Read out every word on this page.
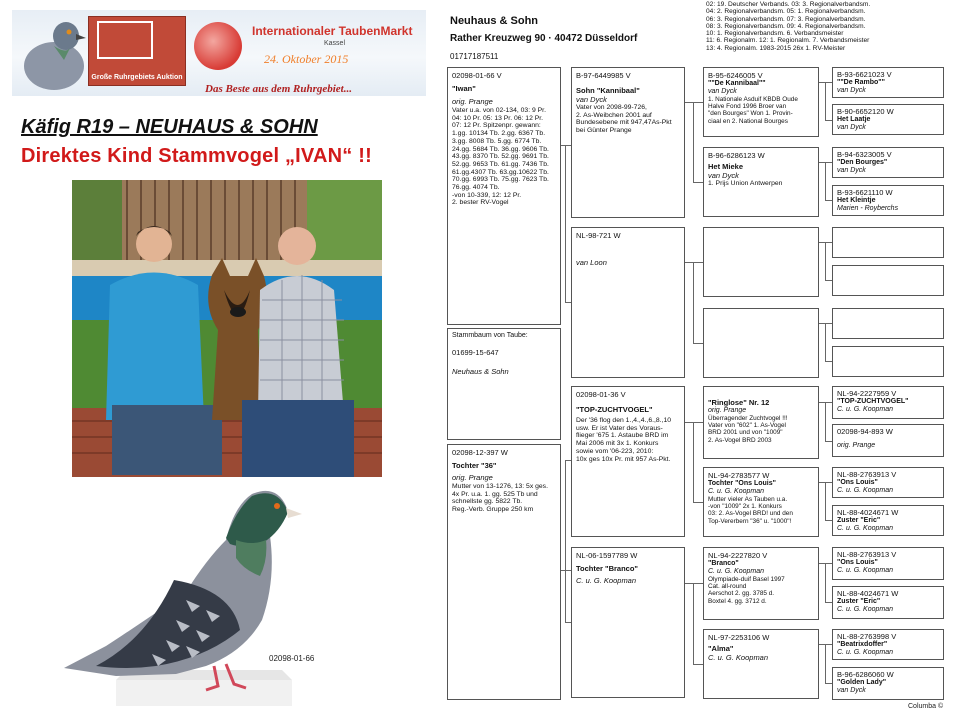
Große Ruhrgebiets Auktion
Internationaler TaubenMarkt
Kassel
24. Oktober 2015
Das Beste aus dem Ruhrgebiet...
Käfig R19 – NEUHAUS & SOHN
Direktes Kind Stammvogel „IVAN“ !!
02098-01-66
Neuhaus & Sohn
Rather Kreuzweg 90 · 40472 Düsseldorf
01717187511
02: 19. Deutscher Verbands. 03: 3. Regionalverbandsm.
04: 2. Regionalverbandsm. 05: 1. Regionalverbandsm.
06: 3. Regionalverbandsm. 07: 3. Regionalverbandsm.
08: 3. Regionalverbandsm. 09: 4. Regionalverbandsm.
10: 1. Regionalverbandsm. 6. Verbandsmeister
11: 6. Regionalm. 12: 1. Regionalm. 7. Verbandsmeister
13: 4. Regionalm. 1983-2015 26x 1. RV-Meister
02098-01-66 V
"Iwan"
orig. Prange
Vater u.a. von 02-134, 03: 9 Pr.
04: 10 Pr. 05: 13 Pr. 06: 12 Pr.
07: 12 Pr. Spitzenpr. gewann:
1.gg. 10134 Tb. 2.gg. 6367 Tb.
3.gg. 8008 Tb. 5.gg. 6774 Tb.
24.gg. 5684 Tb. 36.gg. 9606 Tb.
43.gg. 8370 Tb. 52.gg. 9691 Tb.
52.gg. 9653 Tb. 61.gg. 7436 Tb.
61.gg.4307 Tb. 63.gg.10622 Tb.
70.gg. 6993 Tb. 75.gg. 7623 Tb.
76.gg. 4074 Tb.
-von 10-339, 12: 12 Pr.
2. bester RV-Vogel
Stammbaum von Taube:
01699-15-647
Neuhaus & Sohn
02098-12-397 W
Tochter "36"
orig. Prange
Mutter von 13-1276, 13: 5x ges.
4x Pr. u.a. 1. gg. 525 Tb und
schnellste gg. 5822 Tb.
Reg.-Verb. Gruppe 250 km
B-97-6449985 V
Sohn "Kannibaal"
van Dyck
Vater von 2098-99-726,
2. As-Weibchen 2001 auf
Bundesebene mit 947,47As-Pkt
bei Günter Prange
NL-98-721 W
van Loon
02098-01-36 V
"TOP-ZUCHTVOGEL"
Der '36 flog den 1.,4.,4.,6.,8.,10
usw. Er ist Vater des Voraus-
flieger '675 1. Astaube BRD im
Mai 2006 mit 3x 1. Konkurs
sowie vom '06-223, 2010:
10x ges 10x Pr. mit 957 As-Pkt.
NL-06-1597789 W
Tochter "Branco"
C. u. G. Koopman
B-95-6246005 V
""De Kannibaal""
van Dyck
1. Nationale Asduif KBDB Oude
Halve Fond 1996 Broer van
"den Bourges" Won 1. Provin-
ciaal en 2. National Bourges
B-96-6286123 W
Het Mieke
van Dyck
1. Prijs Union Antwerpen
"Ringlose" Nr. 12
orig. Prange
Überragender Zuchtvogel !!!
Vater von "602" 1. As-Vogel
BRD 2001 und von "1009"
2. As-Vogel BRD 2003
NL-94-2783577 W
Tochter "Ons Louis"
C. u. G. Koopman
Mutter vieler As Tauben u.a.
-von "1009" 2x 1. Konkurs
03: 2. As-Vogel BRD! und den
Top-Vererbern "36" u. "1000"!
NL-94-2227820 V
"Branco"
C. u. G. Koopman
Olympiade-duif Basel 1997
Cat. all-round
Aerschot 2. gg. 3785 d.
Boxtel 4. gg. 3712 d.
NL-97-2253106 W
"Alma"
C. u. G. Koopman
B-93-6621023 V
""De Rambo""
van Dyck
B-90-6652120 W
Het Laatje
van Dyck
B-94-6323005 V
"Den Bourges"
van Dyck
B-93-6621110 W
Het Kleintje
Marien - Royberchs
NL-94-2227959 V
"TOP-ZUCHTVOGEL"
C. u. G. Koopman
02098-94-893 W
orig. Prange
NL-88-2763913 V
"Ons Louis"
C. u. G. Koopman
NL-88-4024671 W
Zuster "Eric"
C. u. G. Koopman
NL-88-2763913 V
"Ons Louis"
C. u. G. Koopman
NL-88-4024671 W
Zuster "Eric"
C. u. G. Koopman
NL-88-2763998 V
"Beatrixdoffer"
C. u. G. Koopman
B-96-6286060 W
"Golden Lady"
van Dyck
Columba ©
